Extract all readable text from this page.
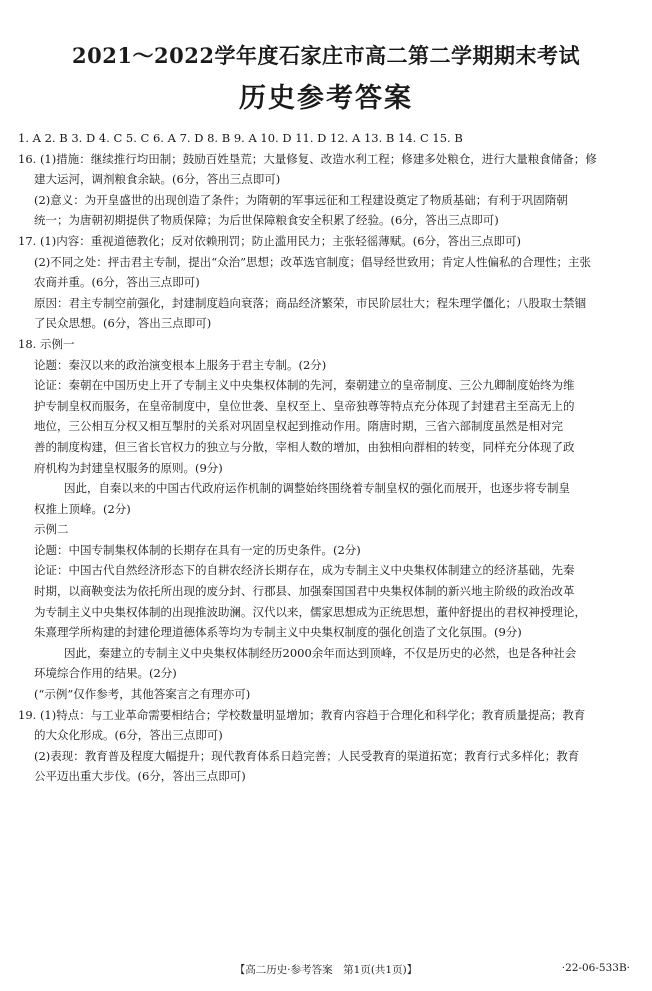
2021～2022学年度石家庄市高二第二学期期末考试
历史参考答案
1. A 2. B 3. D 4. C 5. C 6. A 7. D 8. B 9. A 10. D 11. D 12. A 13. B 14. C 15. B
16. (1)措施：继续推行均田制；鼓励百姓垦荒；大量修复、改造水利工程；修建多处粮仓，进行大量粮食储备；修
建大运河，调剂粮食余缺。(6分，答出三点即可)
(2)意义：为开皇盛世的出现创造了条件；为隋朝的军事远征和工程建设奠定了物质基础；有利于巩固隋朝
统一；为唐朝初期提供了物质保障；为后世保障粮食安全积累了经验。(6分，答出三点即可)
17. (1)内容：重视道德教化；反对依赖刑罚；防止滥用民力；主张轻徭薄赋。(6分，答出三点即可)
(2)不同之处：抨击君主专制，提出“众治”思想；改革选官制度；倡导经世致用；肯定人性偏私的合理性；主张
农商并重。(6分，答出三点即可)
原因：君主专制空前强化，封建制度趋向衰落；商品经济繁荣，市民阶层壮大；程朱理学僵化；八股取士禁锢
了民众思想。(6分，答出三点即可)
18. 示例一
论题：秦汉以来的政治演变根本上服务于君主专制。(2分)
论证：秦朝在中国历史上开了专制主义中央集权体制的先河，秦朝建立的皇帝制度、三公九卿制度始终为维
护专制皇权而服务，在皇帝制度中，皇位世袭、皇权至上、皇帝独尊等特点充分体现了封建君主至高无上的
地位，三公相互分权又相互掣肘的关系对巩固皇权起到推动作用。隋唐时期，三省六部制度虽然是相对完
善的制度构建，但三省长官权力的独立与分散，宰相人数的增加，由独相向群相的转变，同样充分体现了政
府机构为封建皇权服务的原则。(9分)
因此，自秦以来的中国古代政府运作机制的调整始终围绕着专制皇权的强化而展开，也逐步将专制皇
权推上顶峰。(2分)
示例二
论题：中国专制集权体制的长期存在具有一定的历史条件。(2分)
论证：中国古代自然经济形态下的自耕农经济长期存在，成为专制主义中央集权体制建立的经济基础，先秦
时期，以商鞅变法为依托所出现的废分封、行郡县、加强秦国国君中央集权体制的新兴地主阶级的政治改革
为专制主义中央集权体制的出现推波助澜。汉代以来，儒家思想成为正统思想，董仲舒提出的君权神授理论，
朱熹理学所构建的封建伦理道德体系等均为专制主义中央集权制度的强化创造了文化氛围。(9分)
因此，秦建立的专制主义中央集权体制经历2000余年而达到顶峰，不仅是历史的必然，也是各种社会
环境综合作用的结果。(2分)
(“示例”仅作参考，其他答案言之有理亦可)
19. (1)特点：与工业革命需要相结合；学校数量明显增加；教育内容趋于合理化和科学化；教育质量提高；教育
的大众化形成。(6分，答出三点即可)
(2)表现：教育普及程度大幅提升；现代教育体系日趋完善；人民受教育的渠道拓宽；教育行式多样化；教育
公平迈出重大步伐。(6分，答出三点即可)
【高二历史·参考答案　第1页(共1页)】	·22-06-533B·
